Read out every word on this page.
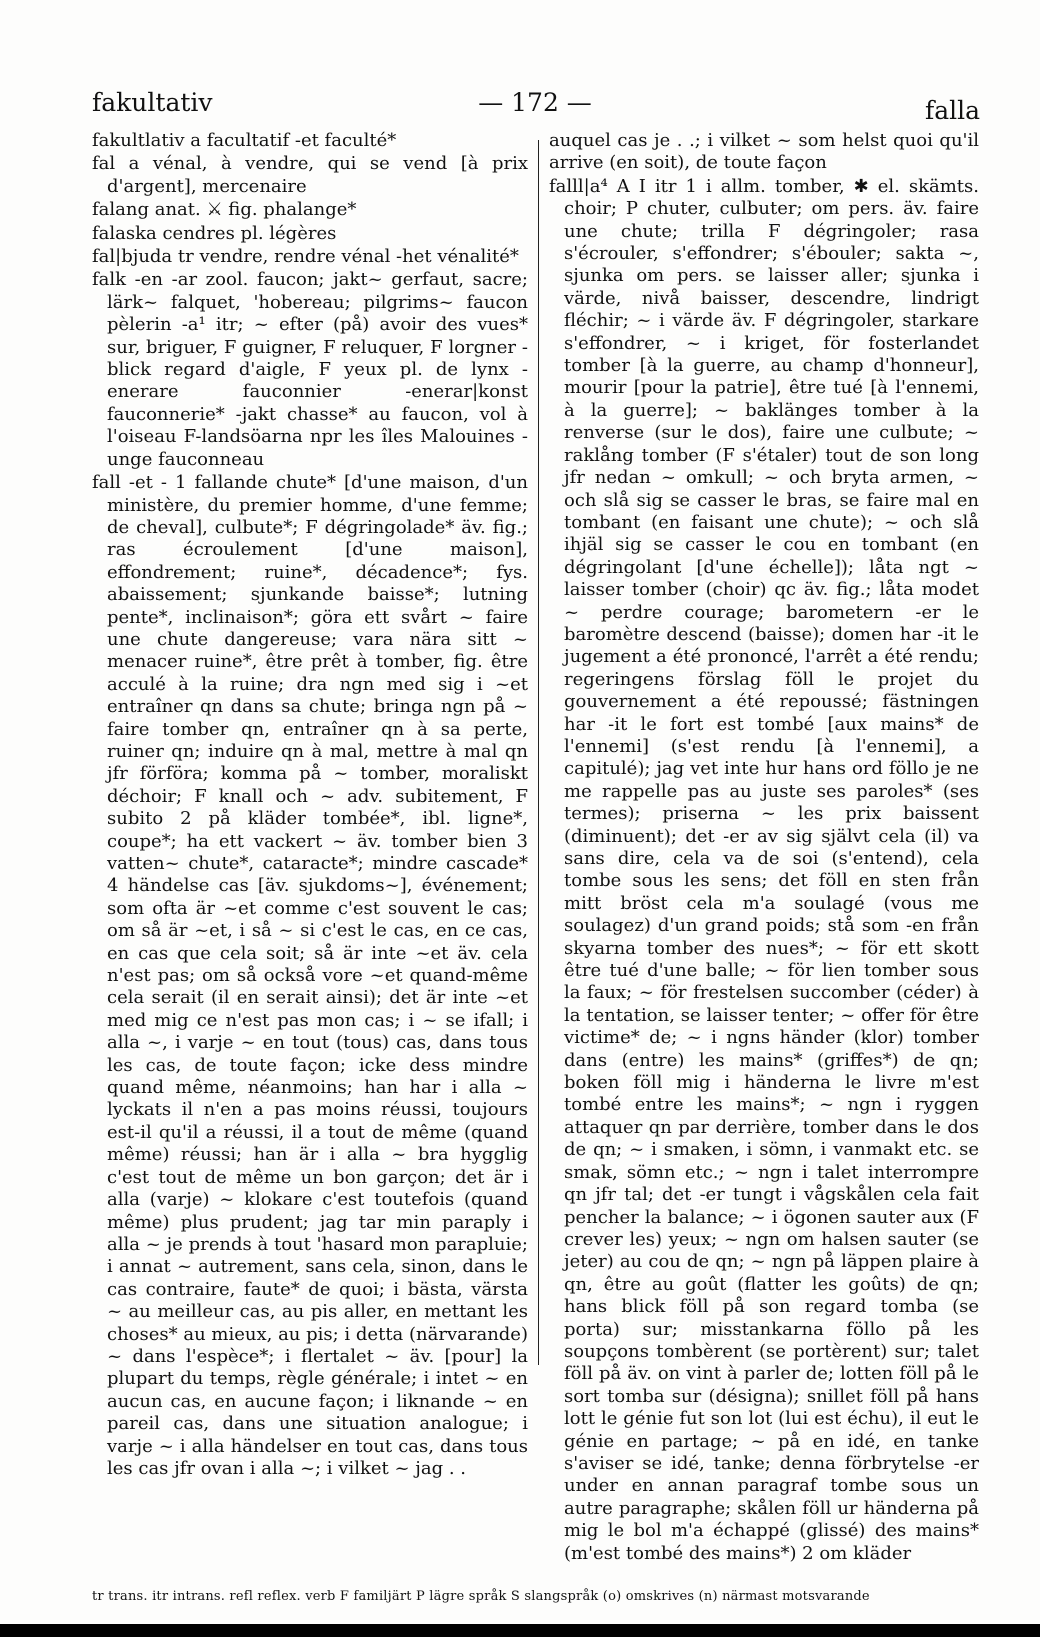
fakultativ	— 172 —	falla

fakultlativ a facultatif -et faculté*

fal a vénal, à vendre, qui se vend [à prix d'argent], mercenaire

falang anat. ⚔ fig. phalange*

falaska cendres pl. légères

fal|bjuda tr vendre, rendre vénal -het vénalité*

falk -en -ar zool. faucon; jakt~ gerfaut, sacre; lärk~ falquet, 'hobereau; pilgrims~ faucon pèlerin -a¹ itr; ~ efter (på) avoir des vues* sur, briguer, F guigner, F reluquer, F lorgner -blick regard d'aigle, F yeux pl. de lynx -enerare fauconnier -enerar|konst fauconnerie* -jakt chasse* au faucon, vol à l'oiseau F-landsöarna npr les îles Malouines -unge fauconneau

fall -et - 1 fallande chute* [d'une maison, d'un ministère, du premier homme, d'une femme; de cheval], culbute*; F dégringolade* äv. fig.; ras écroulement [d'une maison], effondrement; ruine*, décadence*; fys. abaissement; sjunkande baisse*; lutning pente*, inclinaison*; göra ett svårt ~ faire une chute dangereuse; vara nära sitt ~ menacer ruine*, être prêt à tomber, fig. être acculé à la ruine; dra ngn med sig i ~et entraîner qn dans sa chute; bringa ngn på ~ faire tomber qn, entraîner qn à sa perte, ruiner qn; induire qn à mal, mettre à mal qn jfr förföra; komma på ~ tomber, moraliskt déchoir; F knall och ~ adv. subitement, F subito 2 på kläder tombée*, ibl. ligne*, coupe*; ha ett vackert ~ äv. tomber bien 3 vatten~ chute*, cataracte*; mindre cascade* 4 händelse cas [äv. sjukdoms~], événement; som ofta är ~et comme c'est souvent le cas; om så är ~et, i så ~ si c'est le cas, en ce cas, en cas que cela soit; så är inte ~et äv. cela n'est pas; om så också vore ~et quand-même cela serait (il en serait ainsi); det är inte ~et med mig ce n'est pas mon cas; i ~ se ifall; i alla ~, i varje ~ en tout (tous) cas, dans tous les cas, de toute façon; icke dess mindre quand même, néanmoins; han har i alla ~ lyckats il n'en a pas moins réussi, toujours est-il qu'il a réussi, il a tout de même (quand même) réussi; han är i alla ~ bra hygglig c'est tout de même un bon garçon; det är i alla (varje) ~ klokare c'est toutefois (quand même) plus prudent; jag tar min paraply i alla ~ je prends à tout 'hasard mon parapluie; i annat ~ autrement, sans cela, sinon, dans le cas contraire, faute* de quoi; i bästa, värsta ~ au meilleur cas, au pis aller, en mettant les choses* au mieux, au pis; i detta (närvarande) ~ dans l'espèce*; i flertalet ~ äv. [pour] la plupart du temps, règle générale; i intet ~ en aucun cas, en aucune façon; i liknande ~ en pareil cas, dans une situation analogue; i varje ~ i alla händelser en tout cas, dans tous les cas jfr ovan i alla ~; i vilket ~ jag . .

auquel cas je . .; i vilket ~ som helst quoi qu'il arrive (en soit), de toute façon

falll|a⁴ A I itr 1 i allm. tomber, ✱ el. skämts. choir; P chuter, culbuter; om pers. äv. faire une chute; trilla F dégringoler; rasa s'écrouler, s'effondrer; s'ébouler; sakta ~, sjunka om pers. se laisser aller; sjunka i värde, nivå baisser, descendre, lindrigt fléchir; ~ i värde äv. F dégringoler, starkare s'effondrer, ~ i kriget, för fosterlandet tomber [à la guerre, au champ d'honneur], mourir [pour la patrie], être tué [à l'ennemi, à la guerre]; ~ baklänges tomber à la renverse (sur le dos), faire une culbute; ~ raklång tomber (F s'étaler) tout de son long jfr nedan ~ omkull; ~ och bryta armen, ~ och slå sig se casser le bras, se faire mal en tombant (en faisant une chute); ~ och slå ihjäl sig se casser le cou en tombant (en dégringolant [d'une échelle]); låta ngt ~ laisser tomber (choir) qc äv. fig.; låta modet ~ perdre courage; barometern -er le baromètre descend (baisse); domen har -it le jugement a été prononcé, l'arrêt a été rendu; regeringens förslag föll le projet du gouvernement a été repoussé; fästningen har -it le fort est tombé [aux mains* de l'ennemi] (s'est rendu [à l'ennemi], a capitulé); jag vet inte hur hans ord föllo je ne me rappelle pas au juste ses paroles* (ses termes); priserna ~ les prix baissent (diminuent); det -er av sig självt cela (il) va sans dire, cela va de soi (s'entend), cela tombe sous les sens; det föll en sten från mitt bröst cela m'a soulagé (vous me soulagez) d'un grand poids; stå som -en från skyarna tomber des nues*; ~ för ett skott être tué d'une balle; ~ för lien tomber sous la faux; ~ för frestelsen succomber (céder) à la tentation, se laisser tenter; ~ offer för être victime* de; ~ i ngns händer (klor) tomber dans (entre) les mains* (griffes*) de qn; boken föll mig i händerna le livre m'est tombé entre les mains*; ~ ngn i ryggen attaquer qn par derrière, tomber dans le dos de qn; ~ i smaken, i sömn, i vanmakt etc. se smak, sömn etc.; ~ ngn i talet interrompre qn jfr tal; det -er tungt i vågskålen cela fait pencher la balance; ~ i ögonen sauter aux (F crever les) yeux; ~ ngn om halsen sauter (se jeter) au cou de qn; ~ ngn på läppen plaire à qn, être au goût (flatter les goûts) de qn; hans blick föll på son regard tomba (se porta) sur; misstankarna föllo på les soupçons tombèrent (se portèrent) sur; talet föll på äv. on vint à parler de; lotten föll på le sort tomba sur (désigna); snillet föll på hans lott le génie fut son lot (lui est échu), il eut le génie en partage; ~ på en idé, en tanke s'aviser se idé, tanke; denna förbrytelse -er under en annan paragraf tombe sous un autre paragraphe; skålen föll ur händerna på mig le bol m'a échappé (glissé) des mains* (m'est tombé des mains*) 2 om kläder

tr trans. itr intrans. refl reflex. verb F familjärt P lägre språk S slangspråk (o) omskrives (n) närmast motsvarande
